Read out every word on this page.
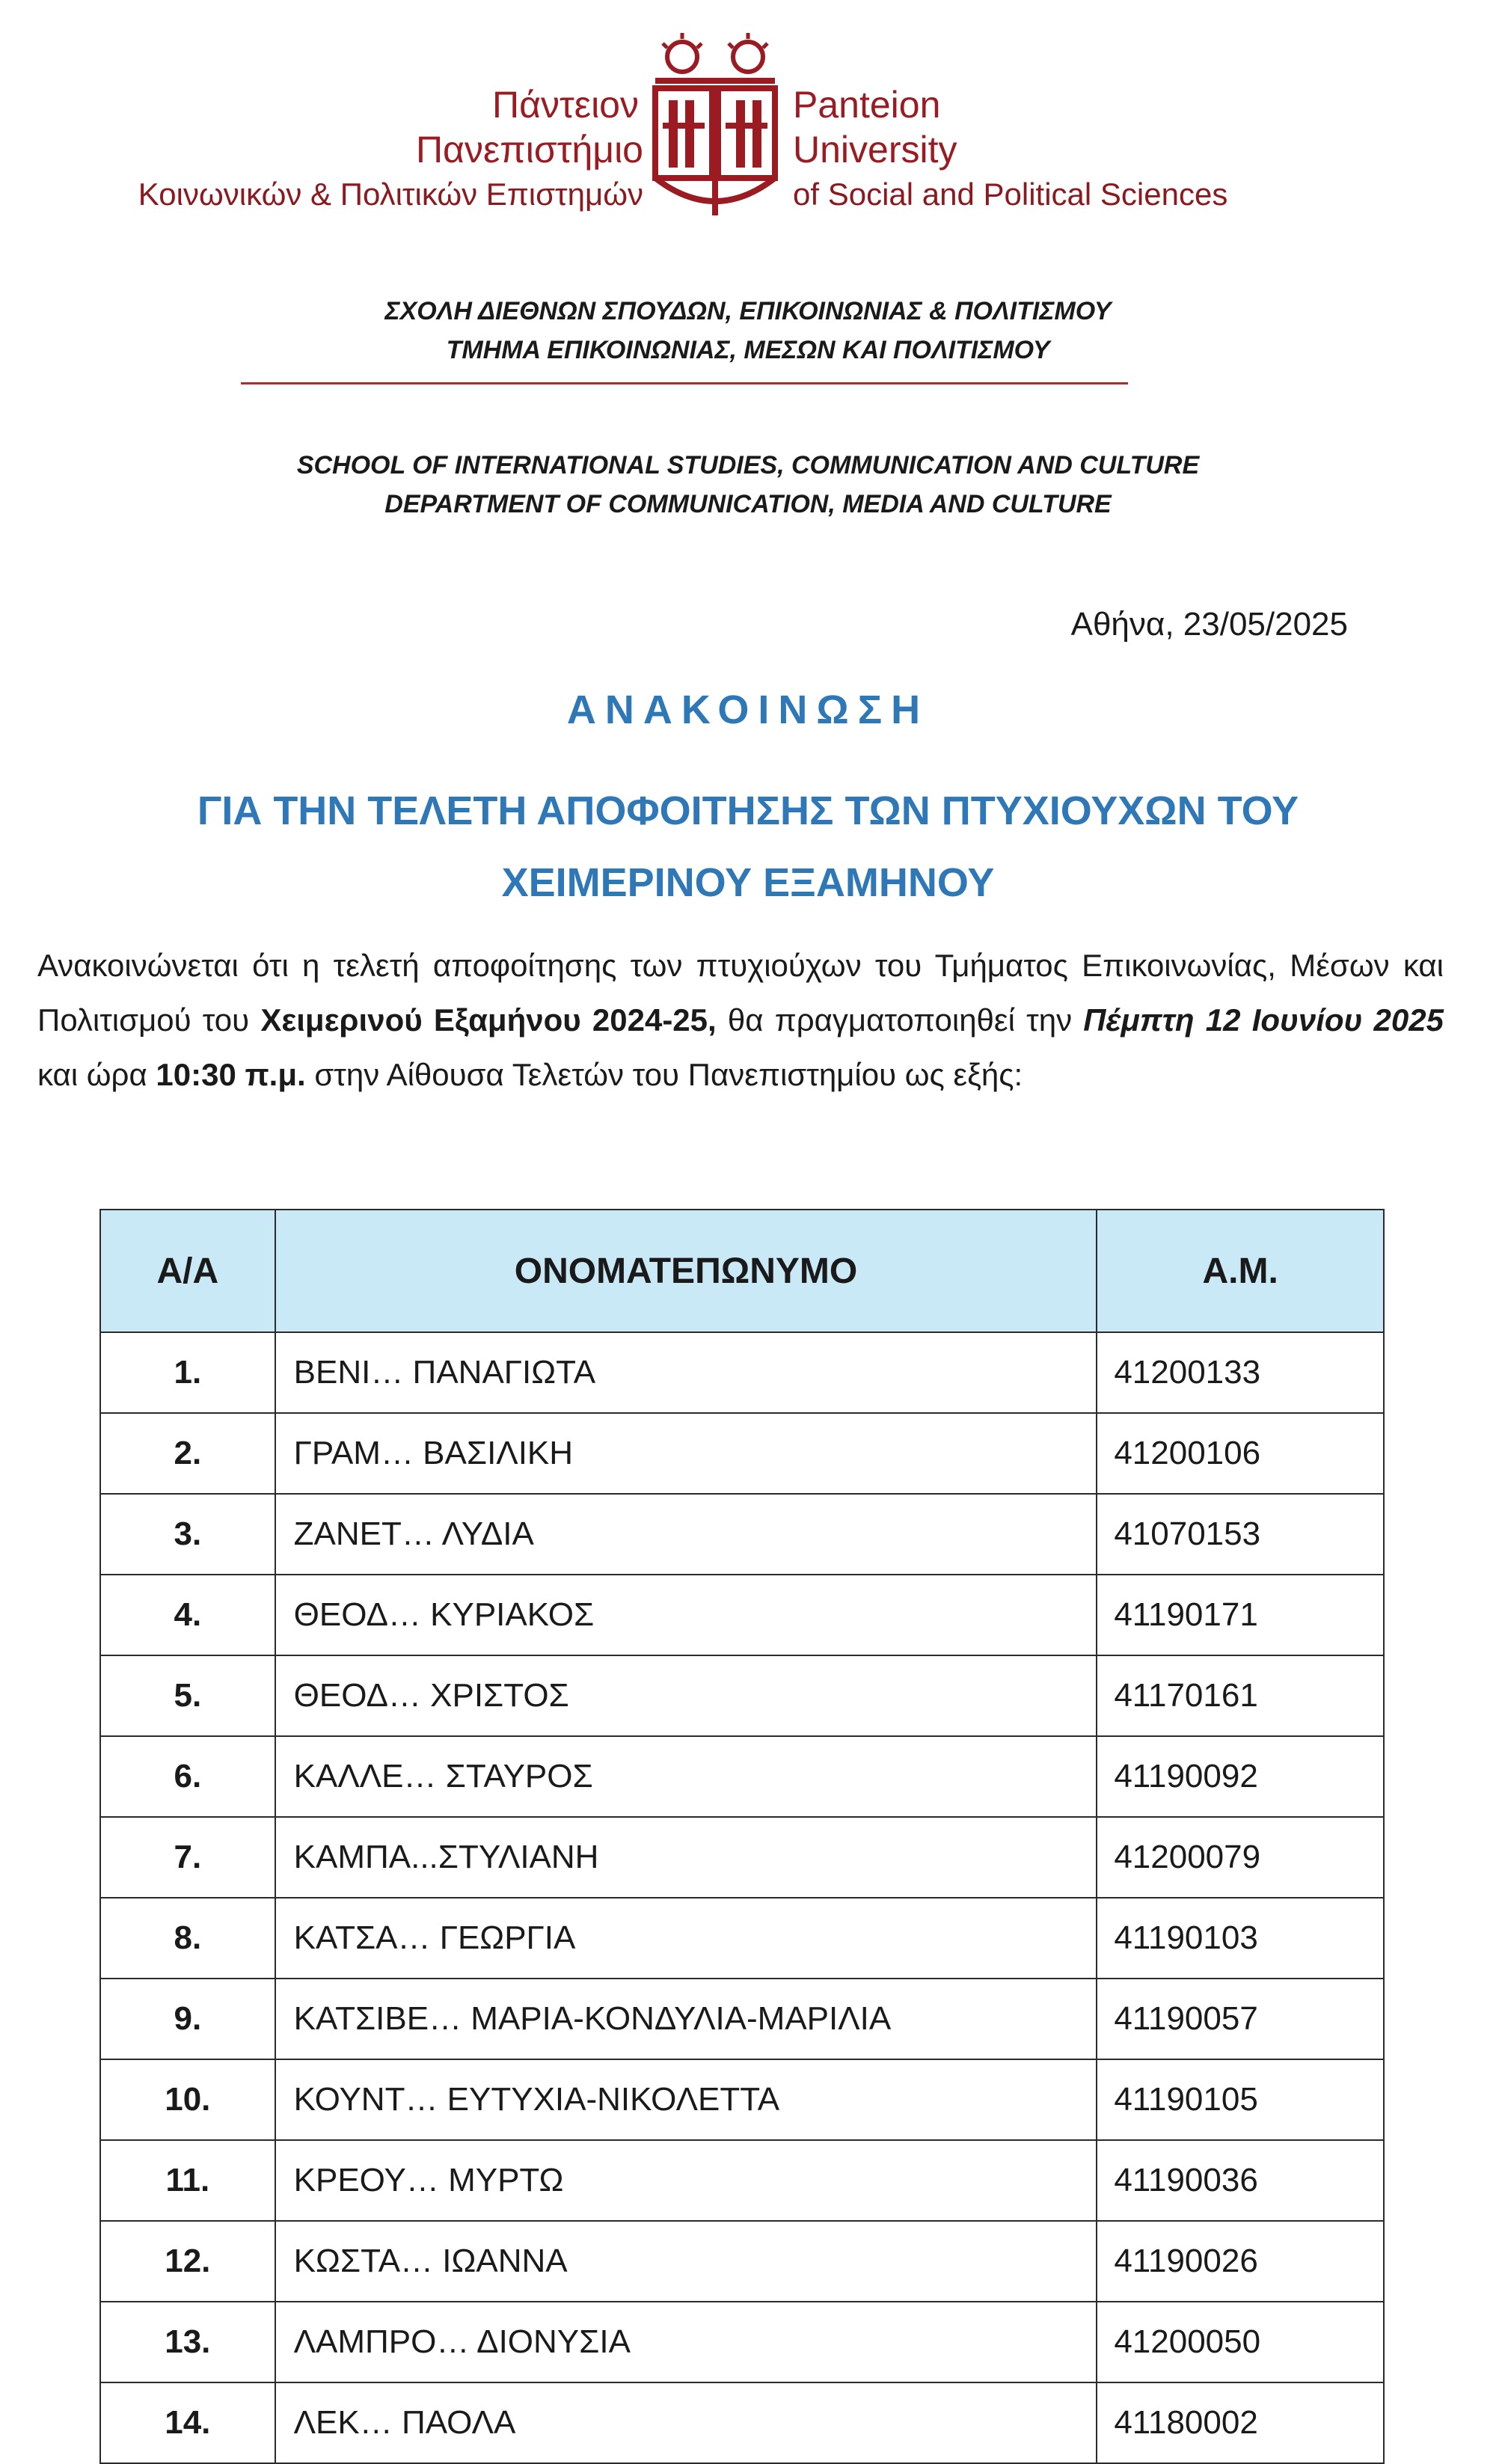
Πάντειον
Πανεπιστήμιο
Κοινωνικών & Πολιτικών Επιστημών
Panteion
University
of Social and Political Sciences
ΣΧΟΛΗ ΔΙΕΘΝΩΝ ΣΠΟΥΔΩΝ, ΕΠΙΚΟΙΝΩΝΙΑΣ & ΠΟΛΙΤΙΣΜΟΥ
ΤΜΗΜΑ ΕΠΙΚΟΙΝΩΝΙΑΣ, ΜΕΣΩΝ ΚΑΙ ΠΟΛΙΤΙΣΜΟΥ
SCHOOL OF INTERNATIONAL STUDIES, COMMUNICATION AND CULTURE
DEPARTMENT OF COMMUNICATION, MEDIA AND CULTURE
Αθήνα, 23/05/2025
ΑΝΑΚΟΙΝΩΣΗ
ΓΙΑ ΤΗΝ ΤΕΛΕΤΗ ΑΠΟΦΟΙΤΗΣΗΣ ΤΩΝ ΠΤΥΧΙΟΥΧΩΝ ΤΟΥ
ΧΕΙΜΕΡΙΝΟΥ ΕΞΑΜΗΝΟΥ
Ανακοινώνεται ότι η τελετή αποφοίτησης των πτυχιούχων του Τμήματος Επικοινωνίας, Μέσων και Πολιτισμού του Χειμερινού Εξαμήνου 2024-25, θα πραγματοποιηθεί την Πέμπτη 12 Ιουνίου 2025 και ώρα 10:30 π.μ. στην Αίθουσα Τελετών του Πανεπιστημίου ως εξής:
Α/Α	ΟΝΟΜΑΤΕΠΩΝΥΜΟ	Α.Μ.
1.	ΒΕΝΙ… ΠΑΝΑΓΙΩΤΑ	41200133
2.	ΓΡΑΜ… ΒΑΣΙΛΙΚΗ	41200106
3.	ΖΑΝΕΤ… ΛΥΔΙΑ	41070153
4.	ΘΕΟΔ… ΚΥΡΙΑΚΟΣ	41190171
5.	ΘΕΟΔ… ΧΡΙΣΤΟΣ	41170161
6.	ΚΑΛΛΕ… ΣΤΑΥΡΟΣ	41190092
7.	ΚΑΜΠΑ...ΣΤΥΛΙΑΝΗ	41200079
8.	ΚΑΤΣΑ… ΓΕΩΡΓΙΑ	41190103
9.	ΚΑΤΣΙΒΕ… ΜΑΡΙΑ-ΚΟΝΔΥΛΙΑ-ΜΑΡΙΛΙΑ	41190057
10.	ΚΟΥΝΤ… ΕΥΤΥΧΙΑ-ΝΙΚΟΛΕΤΤΑ	41190105
11.	ΚΡΕΟΥ… ΜΥΡΤΩ	41190036
12.	ΚΩΣΤΑ… ΙΩΑΝΝΑ	41190026
13.	ΛΑΜΠΡΟ… ΔΙΟΝΥΣΙΑ	41200050
14.	ΛΕΚ… ΠΑΟΛΑ	41180002
